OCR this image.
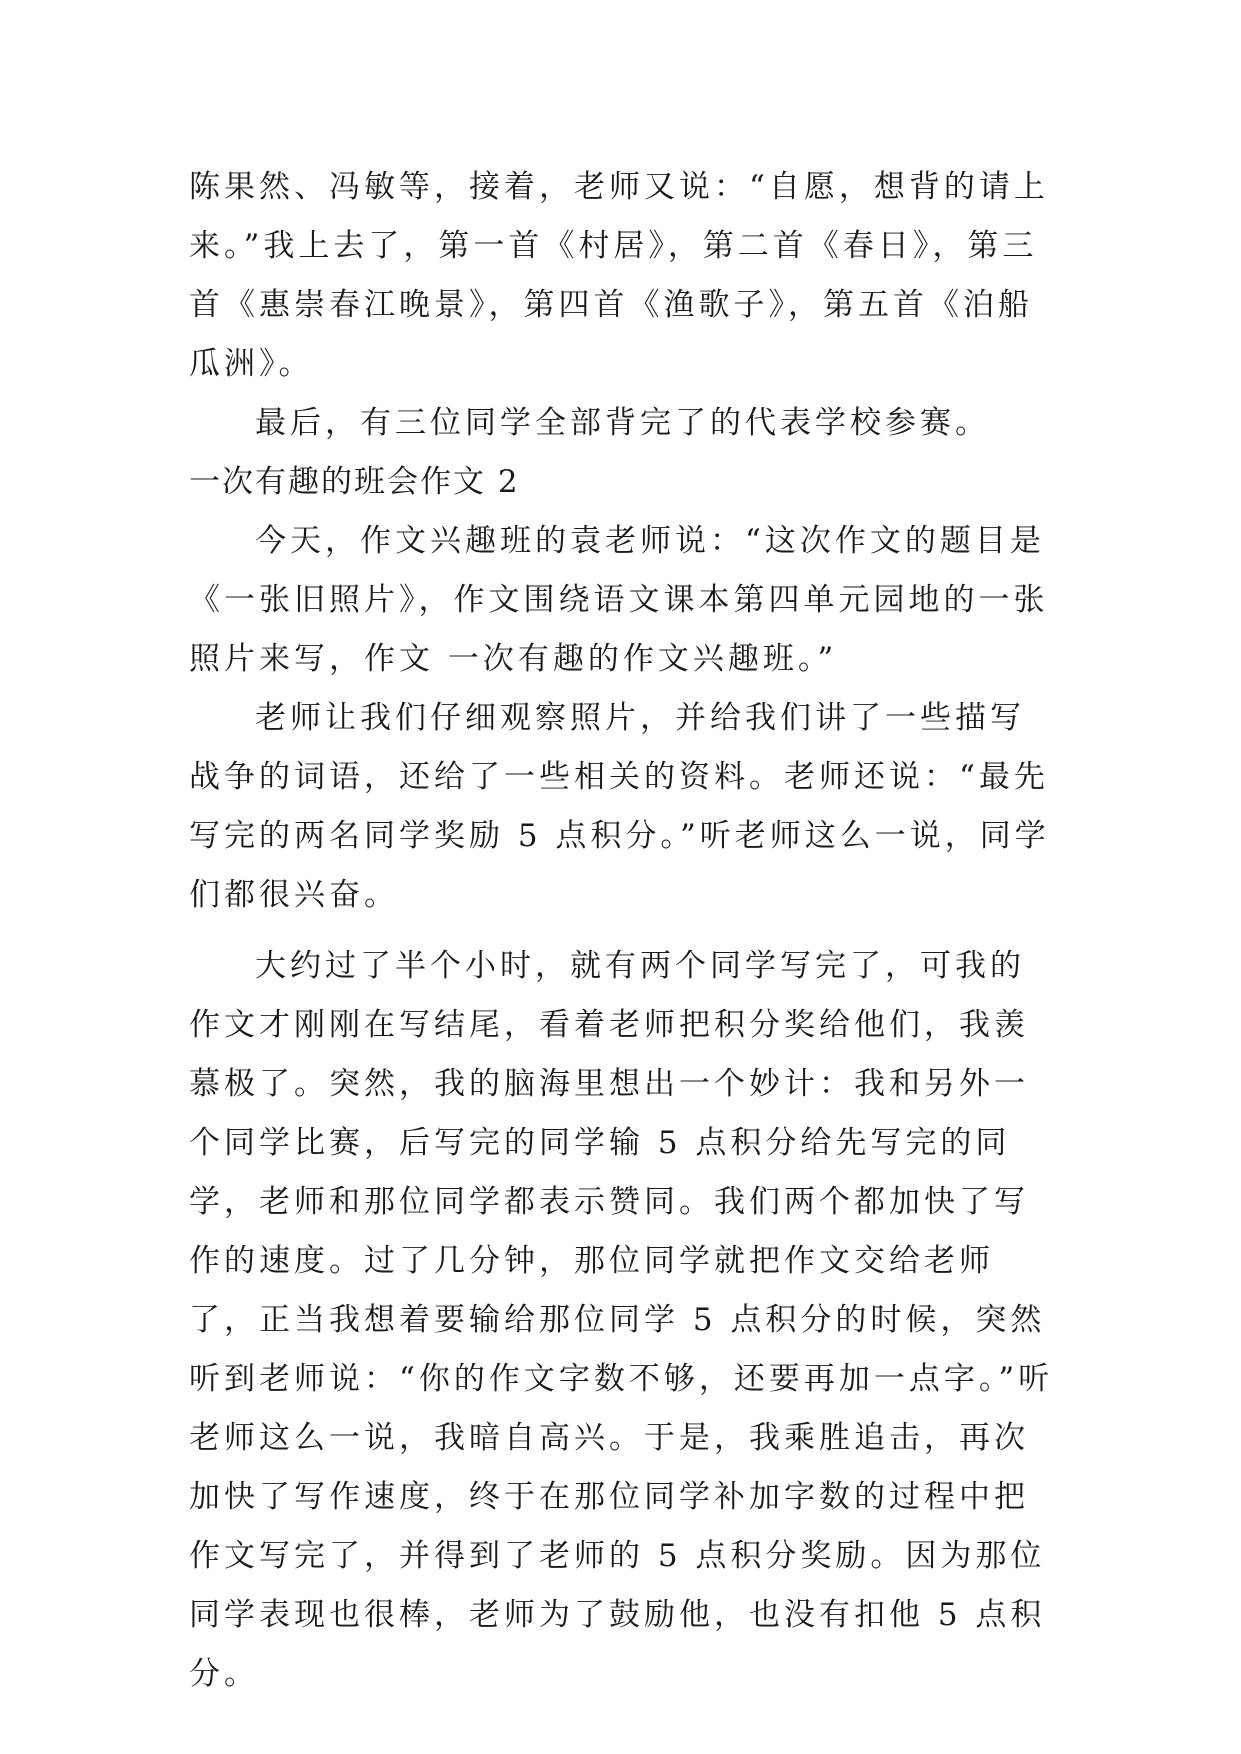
陈果然、冯敏等，接着，老师又说：“自愿，想背的请上来。”我上去了，第一首《村居》，第二首《春日》，第三首《惠崇春江晚景》，第四首《渔歌子》，第五首《泊船瓜洲》。

最后，有三位同学全部背完了的代表学校参赛。

一次有趣的班会作文 2

今天，作文兴趣班的袁老师说：“这次作文的题目是《一张旧照片》，作文围绕语文课本第四单元园地的一张照片来写，作文 一次有趣的作文兴趣班。”

老师让我们仔细观察照片，并给我们讲了一些描写战争的词语，还给了一些相关的资料。老师还说：“最先写完的两名同学奖励 5 点积分。”听老师这么一说，同学们都很兴奋。

大约过了半个小时，就有两个同学写完了，可我的作文才刚刚在写结尾，看着老师把积分奖给他们，我羡慕极了。突然，我的脑海里想出一个妙计：我和另外一个同学比赛，后写完的同学输 5 点积分给先写完的同学，老师和那位同学都表示赞同。我们两个都加快了写作的速度。过了几分钟，那位同学就把作文交给老师了，正当我想着要输给那位同学 5 点积分的时候，突然听到老师说：“你的作文字数不够，还要再加一点字。”听老师这么一说，我暗自高兴。于是，我乘胜追击，再次加快了写作速度，终于在那位同学补加字数的过程中把作文写完了，并得到了老师的 5 点积分奖励。因为那位同学表现也很棒，老师为了鼓励他，也没有扣他 5 点积分。
